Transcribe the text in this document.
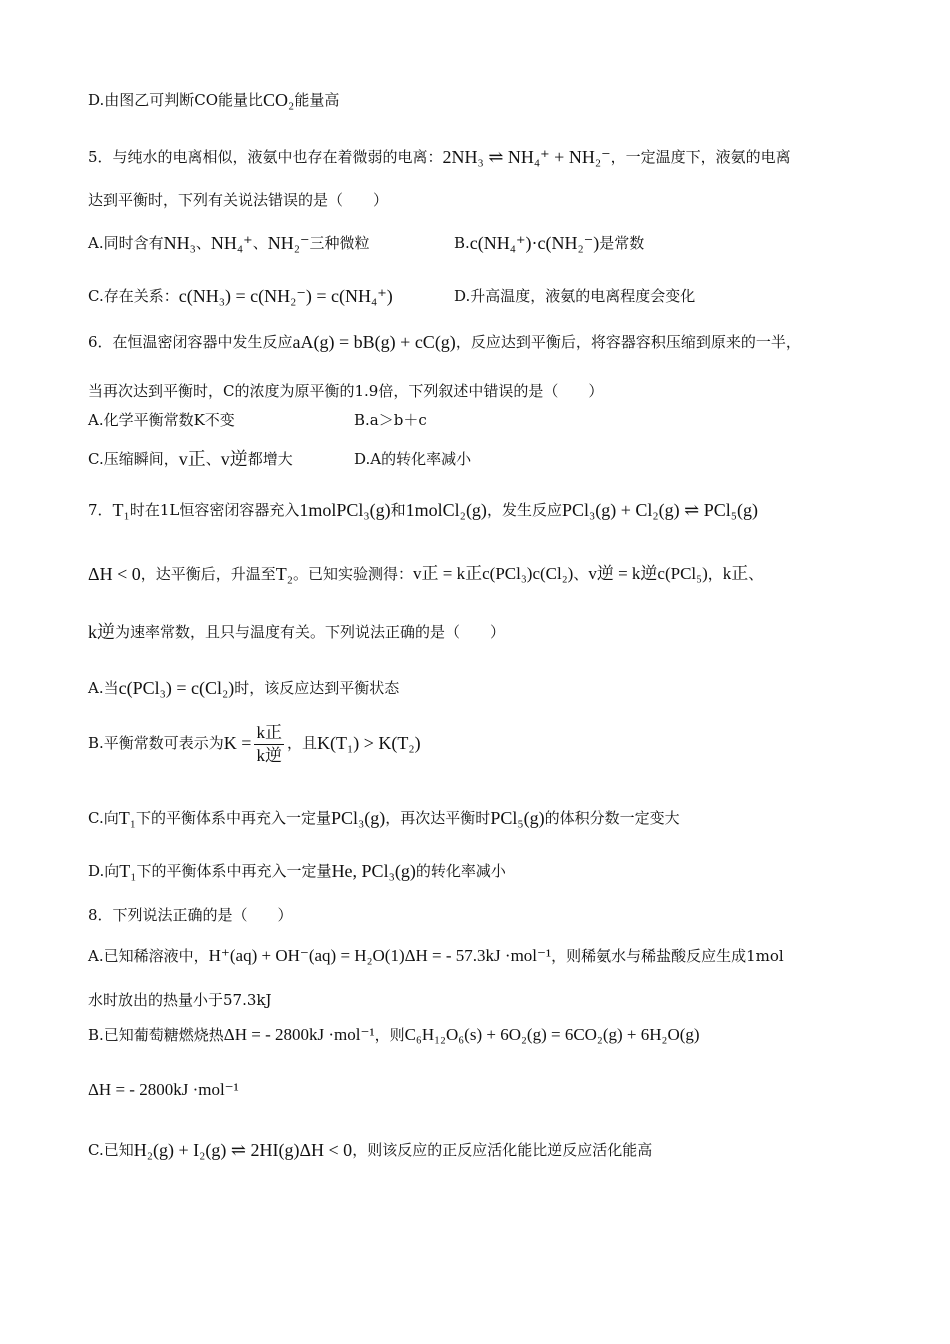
D.由图乙可判断CO能量比CO₂能量高
5．与纯水的电离相似，液氨中也存在着微弱的电离：2NH₃ ⇌ NH₄⁺ + NH₂⁻，一定温度下，液氨的电离
达到平衡时，下列有关说法错误的是（　　）
A.同时含有NH₃、NH₄⁺、NH₂⁻三种微粒	B.c(NH₄⁺)·c(NH₂⁻)是常数
C.存在关系：c(NH₃) = c(NH₂⁻) = c(NH₄⁺)	D.升高温度，液氨的电离程度会变化
6．在恒温密闭容器中发生反应aA(g) = bB(g) + cC(g)，反应达到平衡后，将容器容积压缩到原来的一半，
当再次达到平衡时，C的浓度为原平衡的1.9倍，下列叙述中错误的是（　　）
A.化学平衡常数K不变	B.a＞b＋c
C.压缩瞬间，v正、v逆都增大	D.A的转化率减小
7．T₁时在1L恒容密闭容器充入1molPCl₃(g)和1molCl₂(g)，发生反应PCl₃(g) + Cl₂(g) ⇌ PCl₅(g)
ΔH < 0，达平衡后，升温至T₂。已知实验测得：v正 = k正c(PCl₃)c(Cl₂)、v逆 = k逆c(PCl₅)，k正、
k逆为速率常数，且只与温度有关。下列说法正确的是（　　）
A.当c(PCl₃) = c(Cl₂)时，该反应达到平衡状态
B.平衡常数可表示为$K = \frac{\text{k正}}{\text{k逆}}$ ，且K(T₁) > K(T₂)
C.向T₁下的平衡体系中再充入一定量PCl₃(g)，再次达平衡时PCl₅(g)的体积分数一定变大
D.向T₁下的平衡体系中再充入一定量He, PCl₃(g)的转化率减小
8．下列说法正确的是（　　）
A.已知稀溶液中，H⁺(aq) + OH⁻(aq) = H₂O(1)ΔH = - 57.3kJ ·mol⁻¹，则稀氨水与稀盐酸反应生成1mol
水时放出的热量小于57.3kJ
B.已知葡萄糖燃烧热ΔH = - 2800kJ ·mol⁻¹，则C₆H₁₂O₆(s) + 6O₂(g) = 6CO₂(g) + 6H₂O(g)
ΔH = - 2800kJ ·mol⁻¹
C.已知H₂(g) + I₂(g) ⇌ 2HI(g)ΔH < 0，则该反应的正反应活化能比逆反应活化能高
